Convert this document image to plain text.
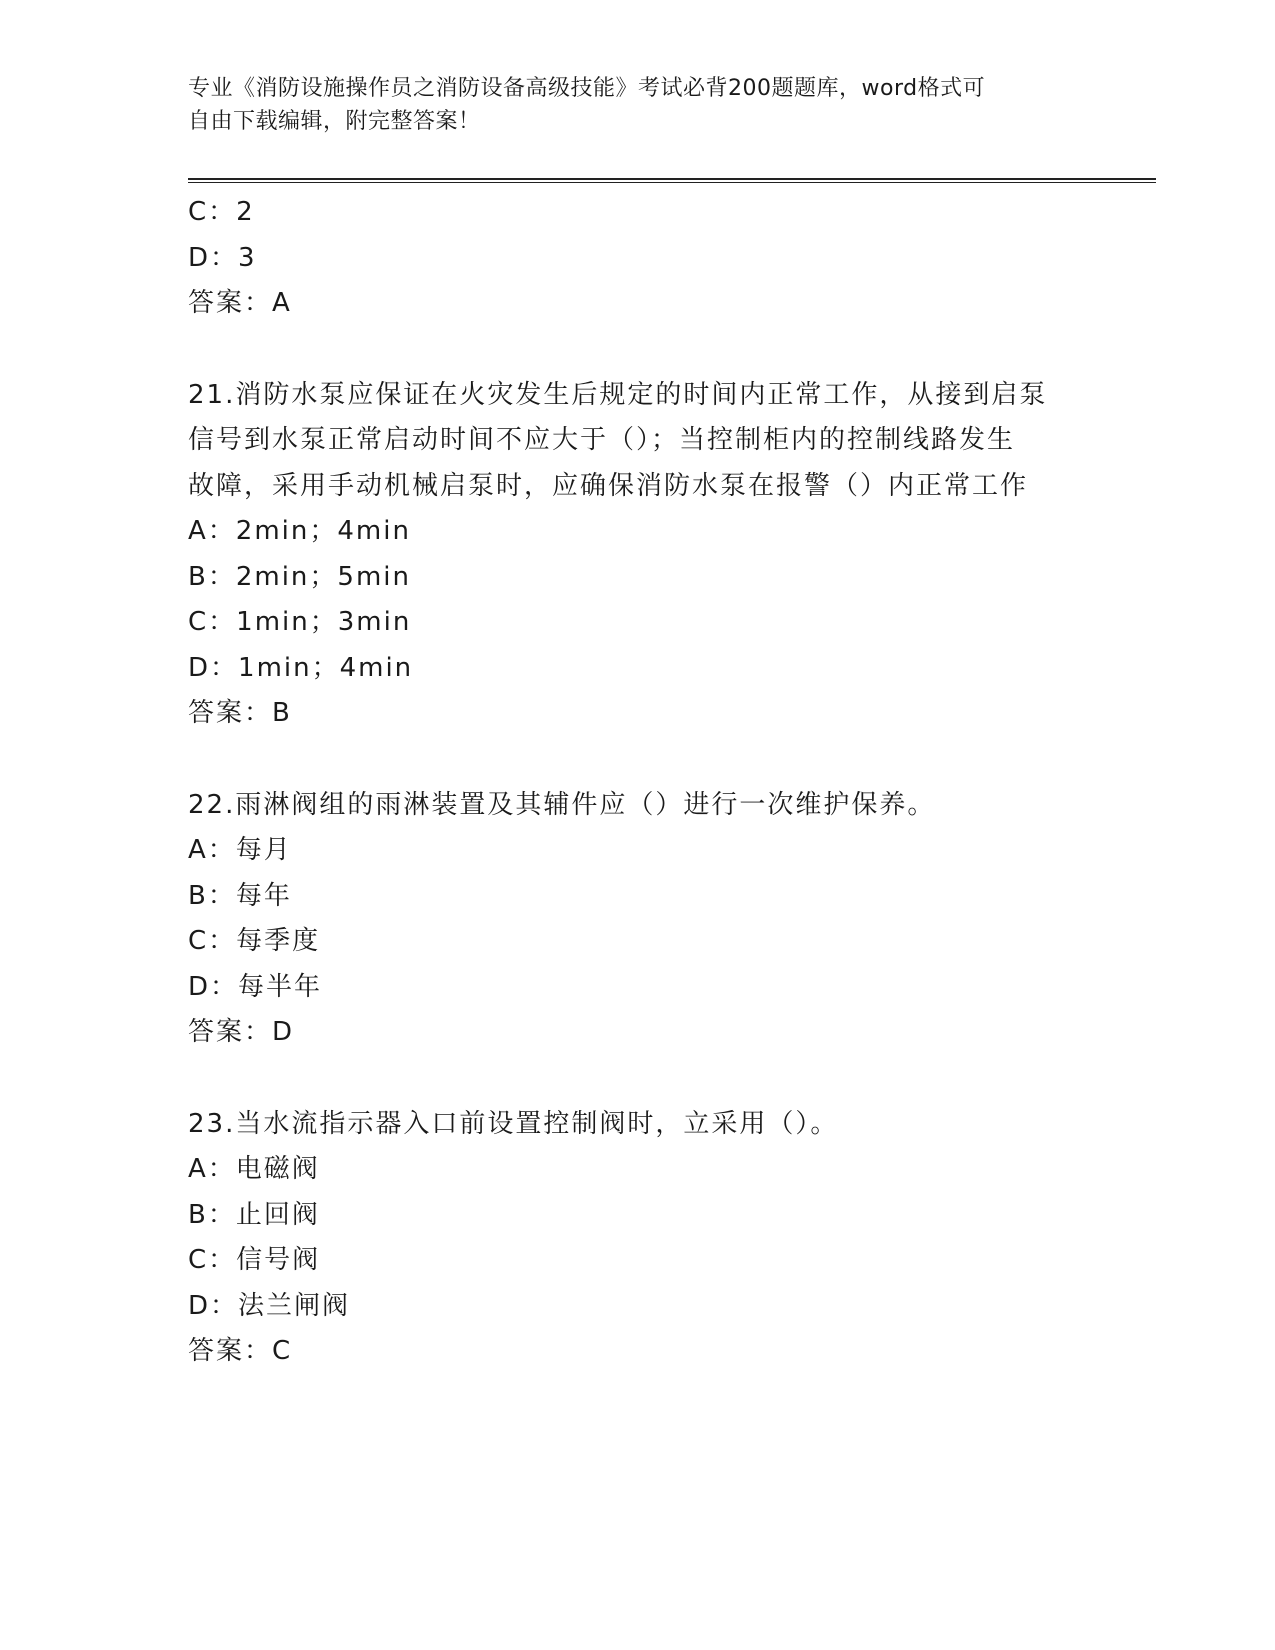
专业《消防设施操作员之消防设备高级技能》考试必背200题题库，word格式可
自由下载编辑，附完整答案！
C：2
D：3
答案：A
21.消防水泵应保证在火灾发生后规定的时间内正常工作，从接到启泵
信号到水泵正常启动时间不应大于（）；当控制柜内的控制线路发生
故障，采用手动机械启泵时，应确保消防水泵在报警（）内正常工作
A：2min；4min
B：2min；5min
C：1min；3min
D：1min；4min
答案：B
22.雨淋阀组的雨淋装置及其辅件应（）进行一次维护保养。
A：每月
B：每年
C：每季度
D：每半年
答案：D
23.当水流指示器入口前设置控制阀时，立采用（）。
A：电磁阀
B：止回阀
C：信号阀
D：法兰闸阀
答案：C
